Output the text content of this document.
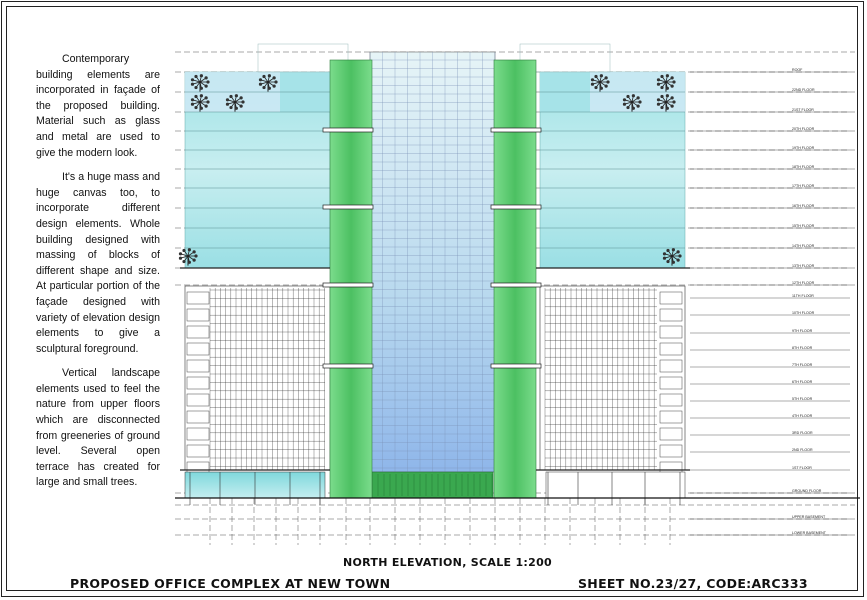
ROOF
22ND FLOOR
21ST FLOOR
20TH FLOOR
19TH FLOOR
18TH FLOOR
17TH FLOOR
16TH FLOOR
15TH FLOOR
14TH FLOOR
13TH FLOOR
12TH FLOOR
11TH FLOOR
10TH FLOOR
9TH FLOOR
8TH FLOOR
7TH FLOOR
6TH FLOOR
5TH FLOOR
4TH FLOOR
3RD FLOOR
2ND FLOOR
1ST FLOOR
GROUND FLOOR
UPPER BASEMENT
LOWER BASEMENT

Contemporary building elements are incorporated in façade of the proposed building. Material such as glass and metal are used to give the modern look.

It's a huge mass and huge canvas too, to incorporate different design elements. Whole building designed with massing of blocks of different shape and size. At particular portion of the façade designed with variety of elevation design elements to give a sculptural foreground.

Vertical landscape elements used to feel the nature from upper floors which are disconnected from greeneries of ground level. Several open terrace has created for large and small trees.

NORTH ELEVATION, SCALE 1:200
PROPOSED OFFICE COMPLEX AT NEW TOWN	SHEET NO.23/27, CODE:ARC333
